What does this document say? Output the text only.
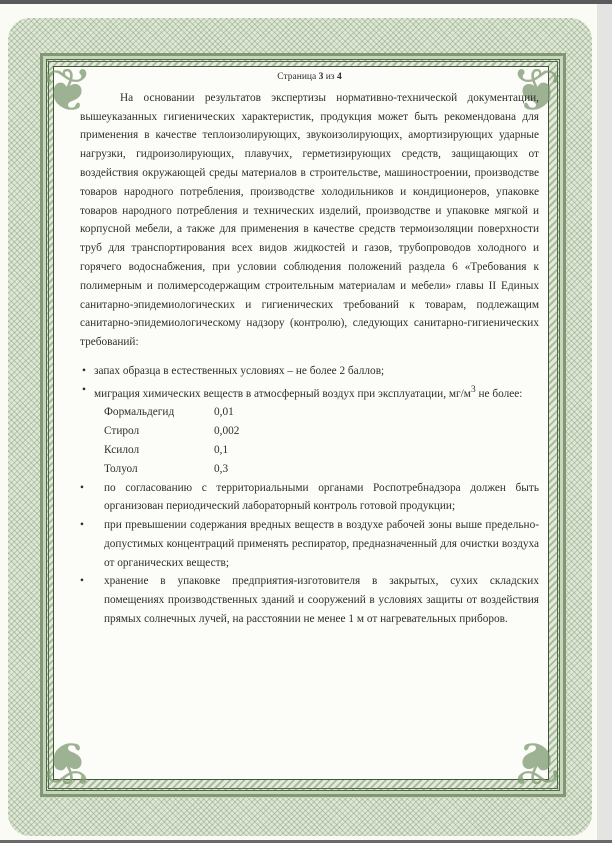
❦	❦
❦	❦
Страница 3 из 4

На основании результатов экспертизы нормативно-технической документации, вышеуказанных гигиенических характеристик, продукция может быть рекомендована для применения в качестве теплоизолирующих, звукоизолирующих, амортизирующих ударные нагрузки, гидроизолирующих, плавучих, герметизирующих средств, защищающих от воздействия окружающей среды материалов в строительстве, машиностроении, производстве товаров народного потребления, производстве холодильников и кондиционеров, упаковке товаров народного потребления и технических изделий, производстве и упаковке мягкой и корпусной мебели, а также для применения в качестве средств термоизоляции поверхности труб для транспортирования всех видов жидкостей и газов, трубопроводов холодного и горячего водоснабжения, при условии соблюдения положений раздела 6 «Требования к полимерным и полимерсодержащим строительным материалам и мебели» главы II Единых санитарно-эпидемиологических и гигиенических требований к товарам, подлежащим санитарно-эпидемиологическому надзору (контролю), следующих санитарно-гигиенических требований:

• запах образца в естественных условиях – не более 2 баллов;
• миграция химических веществ в атмосферный воздух при эксплуатации, $мг/м^3$ не более:
Формальдегид	0,01
Стирол	0,002
Ксилол	0,1
Толуол	0,3
• по согласованию с территориальными органами Роспотребнадзора должен быть организован периодический лабораторный контроль готовой продукции;
• при превышении содержания вредных веществ в воздухе рабочей зоны выше предельно-допустимых концентраций применять респиратор, предназначенный для очистки воздуха от органических веществ;
• хранение в упаковке предприятия-изготовителя в закрытых, сухих складских помещениях производственных зданий и сооружений в условиях защиты от воздействия прямых солнечных лучей, на расстоянии не менее 1 м от нагревательных приборов.
